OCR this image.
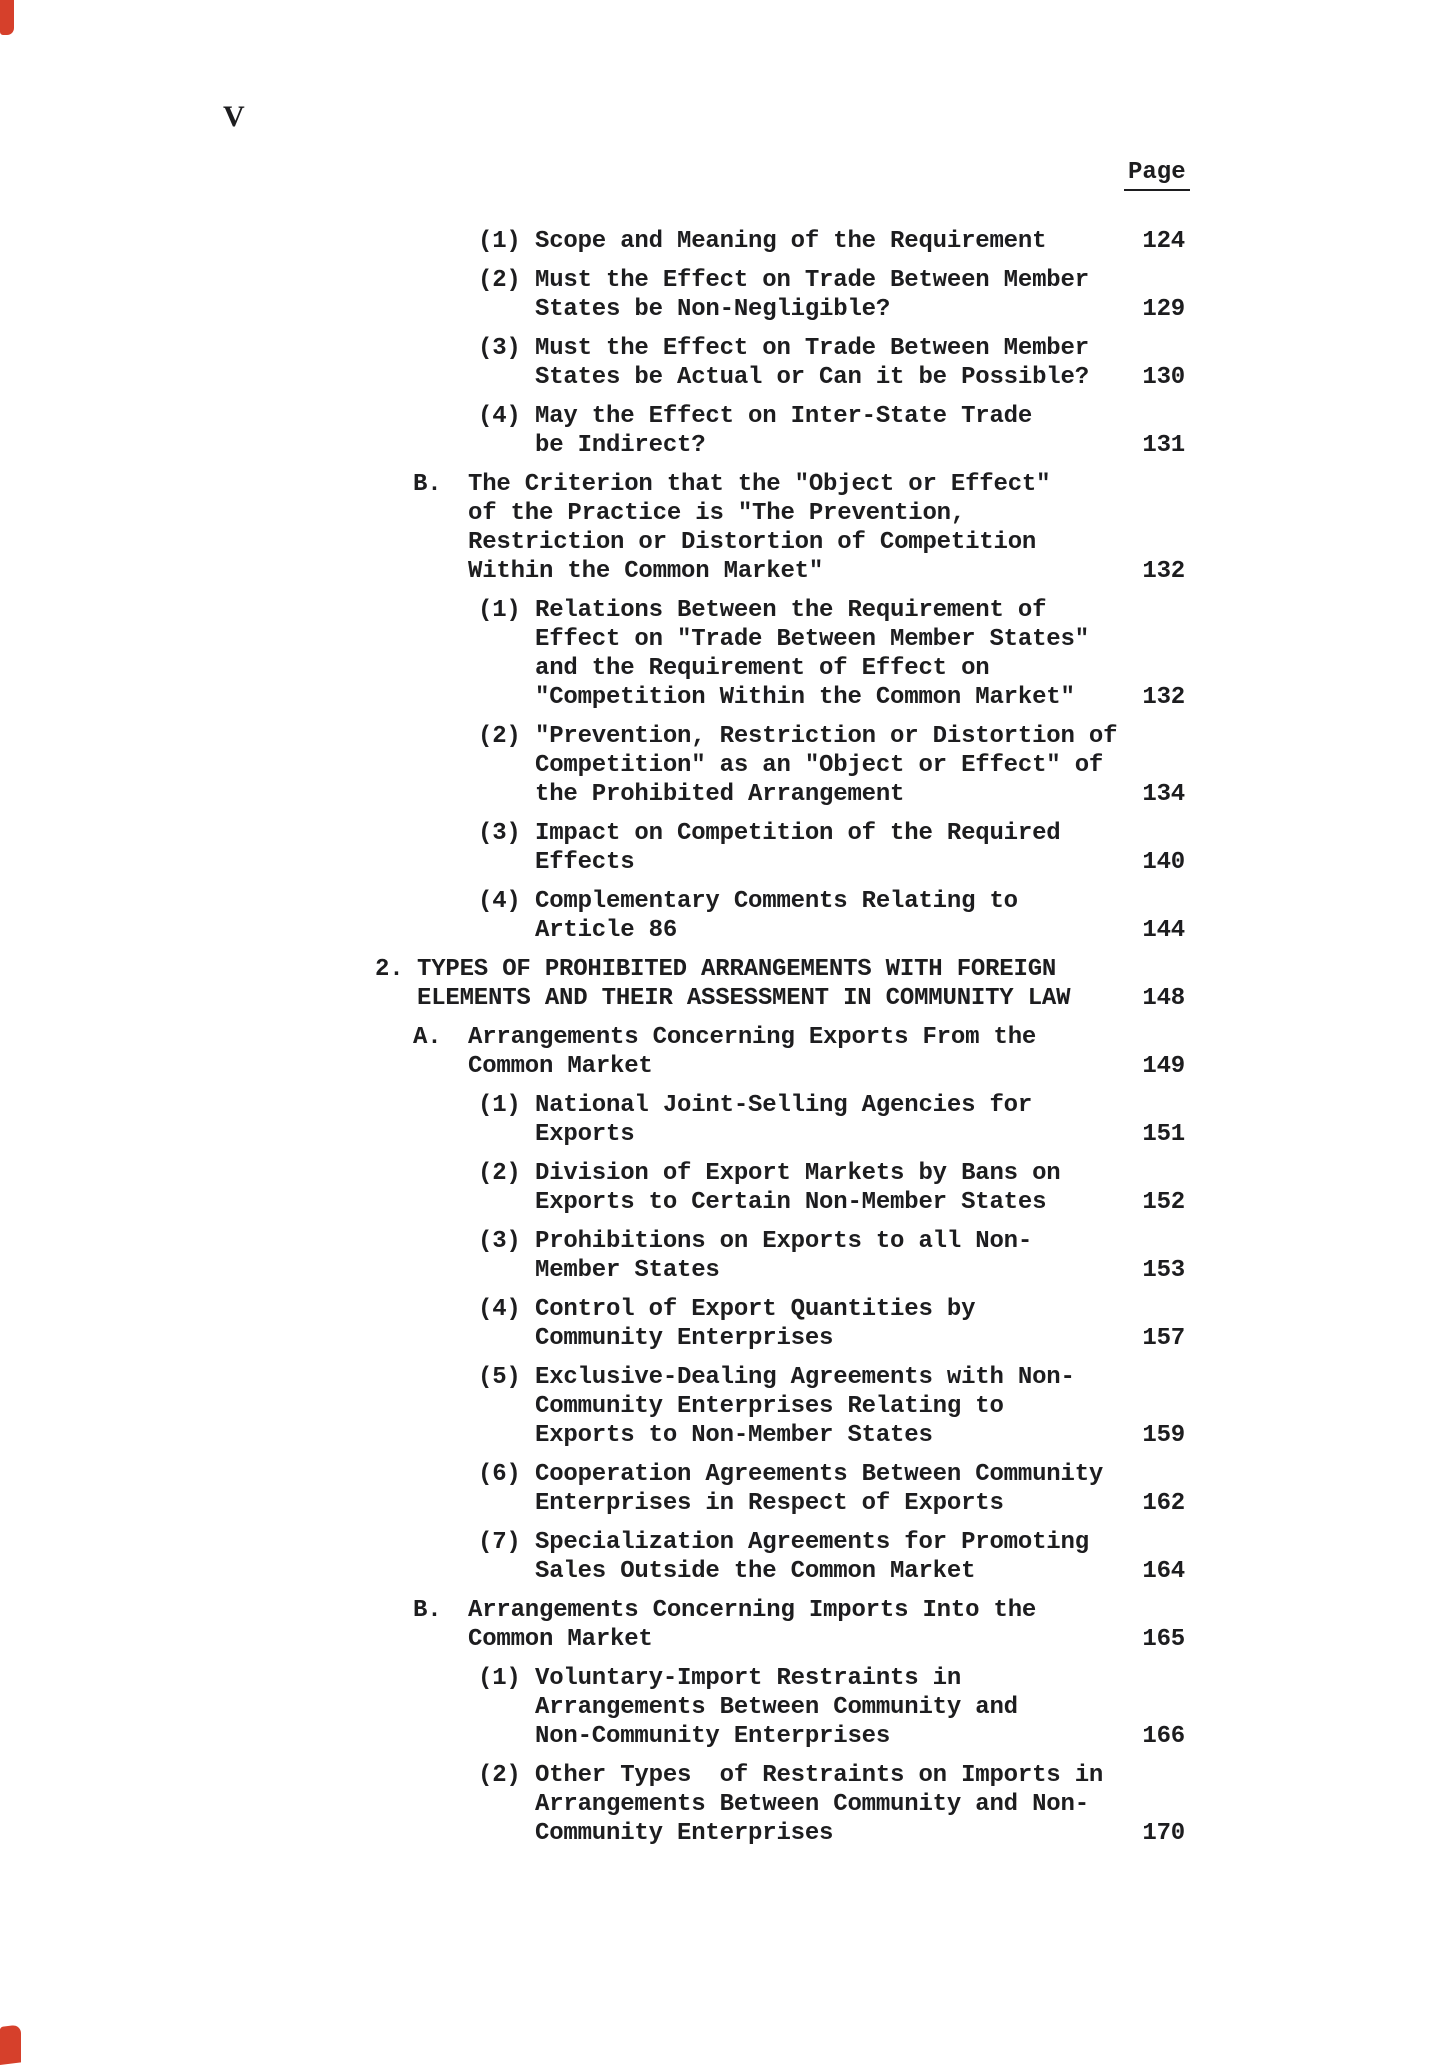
V
Page
(1) Scope and Meaning of the Requirement	124
(2) Must the Effect on Trade Between Member
States be Non-Negligible?	129
(3) Must the Effect on Trade Between Member
States be Actual or Can it be Possible?	130
(4) May the Effect on Inter-State Trade
be Indirect?	131
B. The Criterion that the "Object or Effect"
of the Practice is "The Prevention,
Restriction or Distortion of Competition
Within the Common Market"	132
(1) Relations Between the Requirement of
Effect on "Trade Between Member States"
and the Requirement of Effect on
"Competition Within the Common Market"	132
(2) "Prevention, Restriction or Distortion of
Competition" as an "Object or Effect" of
the Prohibited Arrangement	134
(3) Impact on Competition of the Required
Effects	140
(4) Complementary Comments Relating to
Article 86	144
2. TYPES OF PROHIBITED ARRANGEMENTS WITH FOREIGN
ELEMENTS AND THEIR ASSESSMENT IN COMMUNITY LAW	148
A. Arrangements Concerning Exports From the
Common Market	149
(1) National Joint-Selling Agencies for
Exports	151
(2) Division of Export Markets by Bans on
Exports to Certain Non-Member States	152
(3) Prohibitions on Exports to all Non-
Member States	153
(4) Control of Export Quantities by
Community Enterprises	157
(5) Exclusive-Dealing Agreements with Non-
Community Enterprises Relating to
Exports to Non-Member States	159
(6) Cooperation Agreements Between Community
Enterprises in Respect of Exports	162
(7) Specialization Agreements for Promoting
Sales Outside the Common Market	164
B. Arrangements Concerning Imports Into the
Common Market	165
(1) Voluntary-Import Restraints in
Arrangements Between Community and
Non-Community Enterprises	166
(2) Other Types  of Restraints on Imports in
Arrangements Between Community and Non-
Community Enterprises	170
